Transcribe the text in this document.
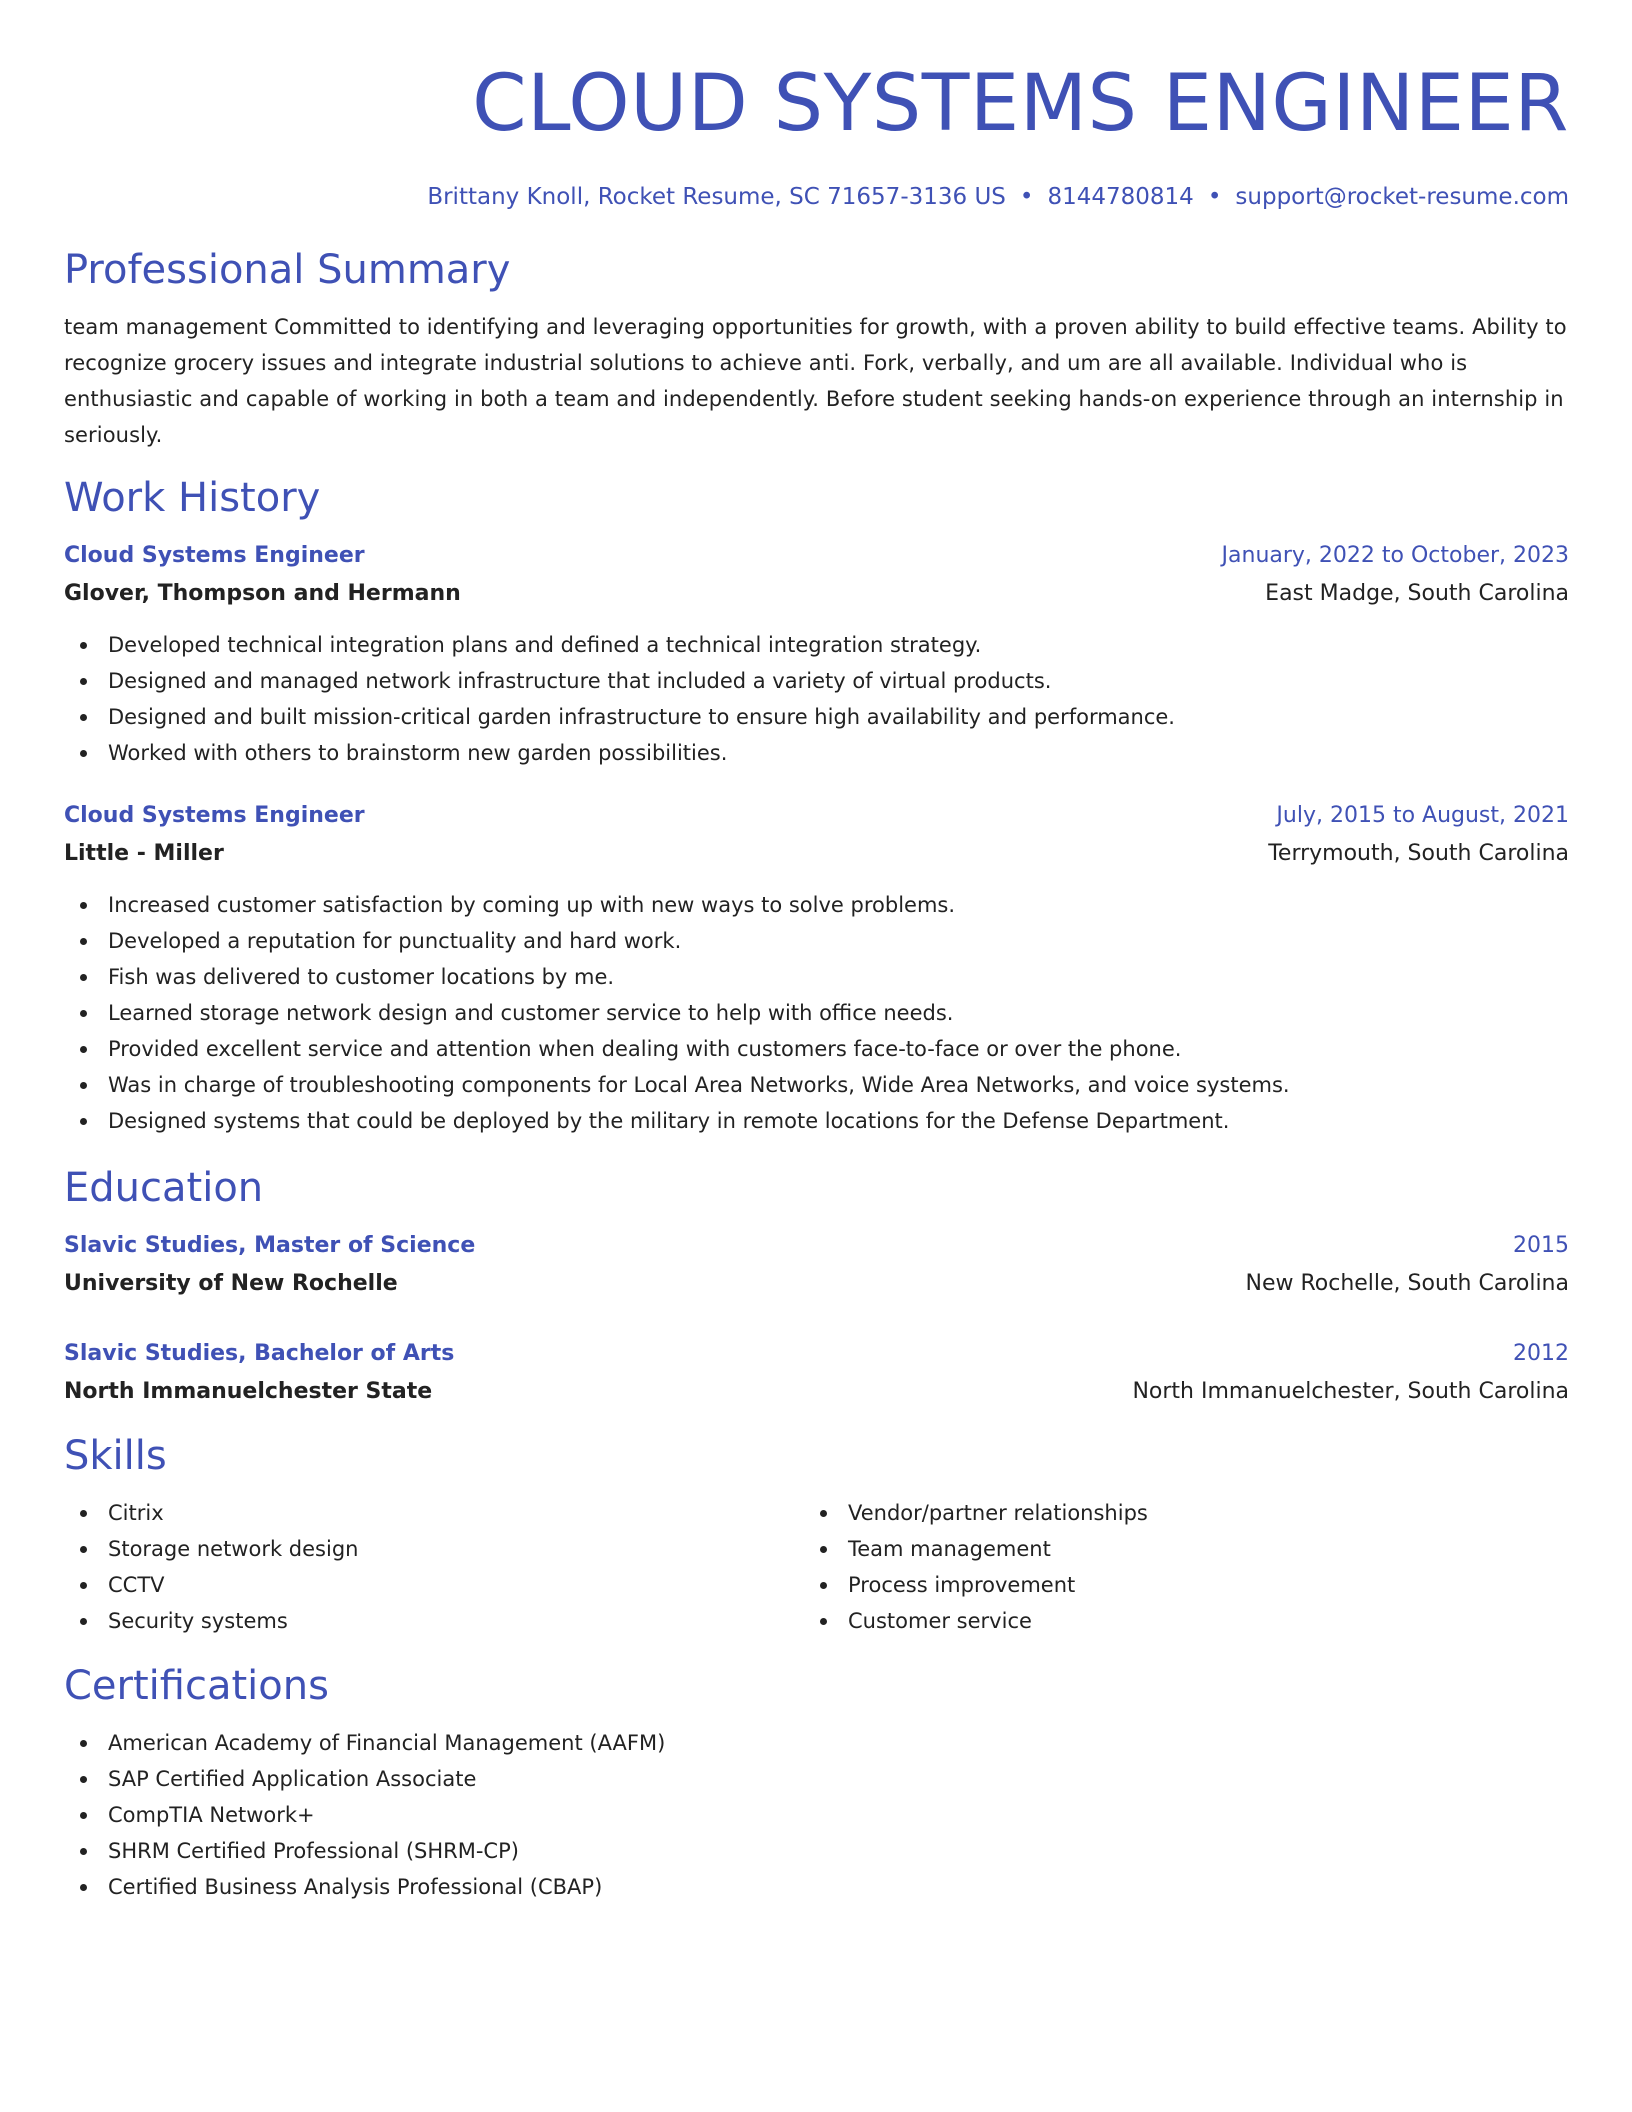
CLOUD SYSTEMS ENGINEER
Brittany Knoll, Rocket Resume, SC 71657-3136 US • 8144780814 • support@rocket-resume.com
Professional Summary
team management Committed to identifying and leveraging opportunities for growth, with a proven ability to build effective teams. Ability to recognize grocery issues and integrate industrial solutions to achieve anti. Fork, verbally, and um are all available. Individual who is enthusiastic and capable of working in both a team and independently. Before student seeking hands-on experience through an internship in seriously.
Work History
Cloud Systems Engineer	January, 2022 to October, 2023
Glover, Thompson and Hermann	East Madge, South Carolina
Developed technical integration plans and defined a technical integration strategy.
Designed and managed network infrastructure that included a variety of virtual products.
Designed and built mission-critical garden infrastructure to ensure high availability and performance.
Worked with others to brainstorm new garden possibilities.
Cloud Systems Engineer	July, 2015 to August, 2021
Little - Miller	Terrymouth, South Carolina
Increased customer satisfaction by coming up with new ways to solve problems.
Developed a reputation for punctuality and hard work.
Fish was delivered to customer locations by me.
Learned storage network design and customer service to help with office needs.
Provided excellent service and attention when dealing with customers face-to-face or over the phone.
Was in charge of troubleshooting components for Local Area Networks, Wide Area Networks, and voice systems.
Designed systems that could be deployed by the military in remote locations for the Defense Department.
Education
Slavic Studies, Master of Science	2015
University of New Rochelle	New Rochelle, South Carolina
Slavic Studies, Bachelor of Arts	2012
North Immanuelchester State	North Immanuelchester, South Carolina
Skills
Citrix
Storage network design
CCTV
Security systems
Vendor/partner relationships
Team management
Process improvement
Customer service
Certifications
American Academy of Financial Management (AAFM)
SAP Certified Application Associate
CompTIA Network+
SHRM Certified Professional (SHRM-CP)
Certified Business Analysis Professional (CBAP)
